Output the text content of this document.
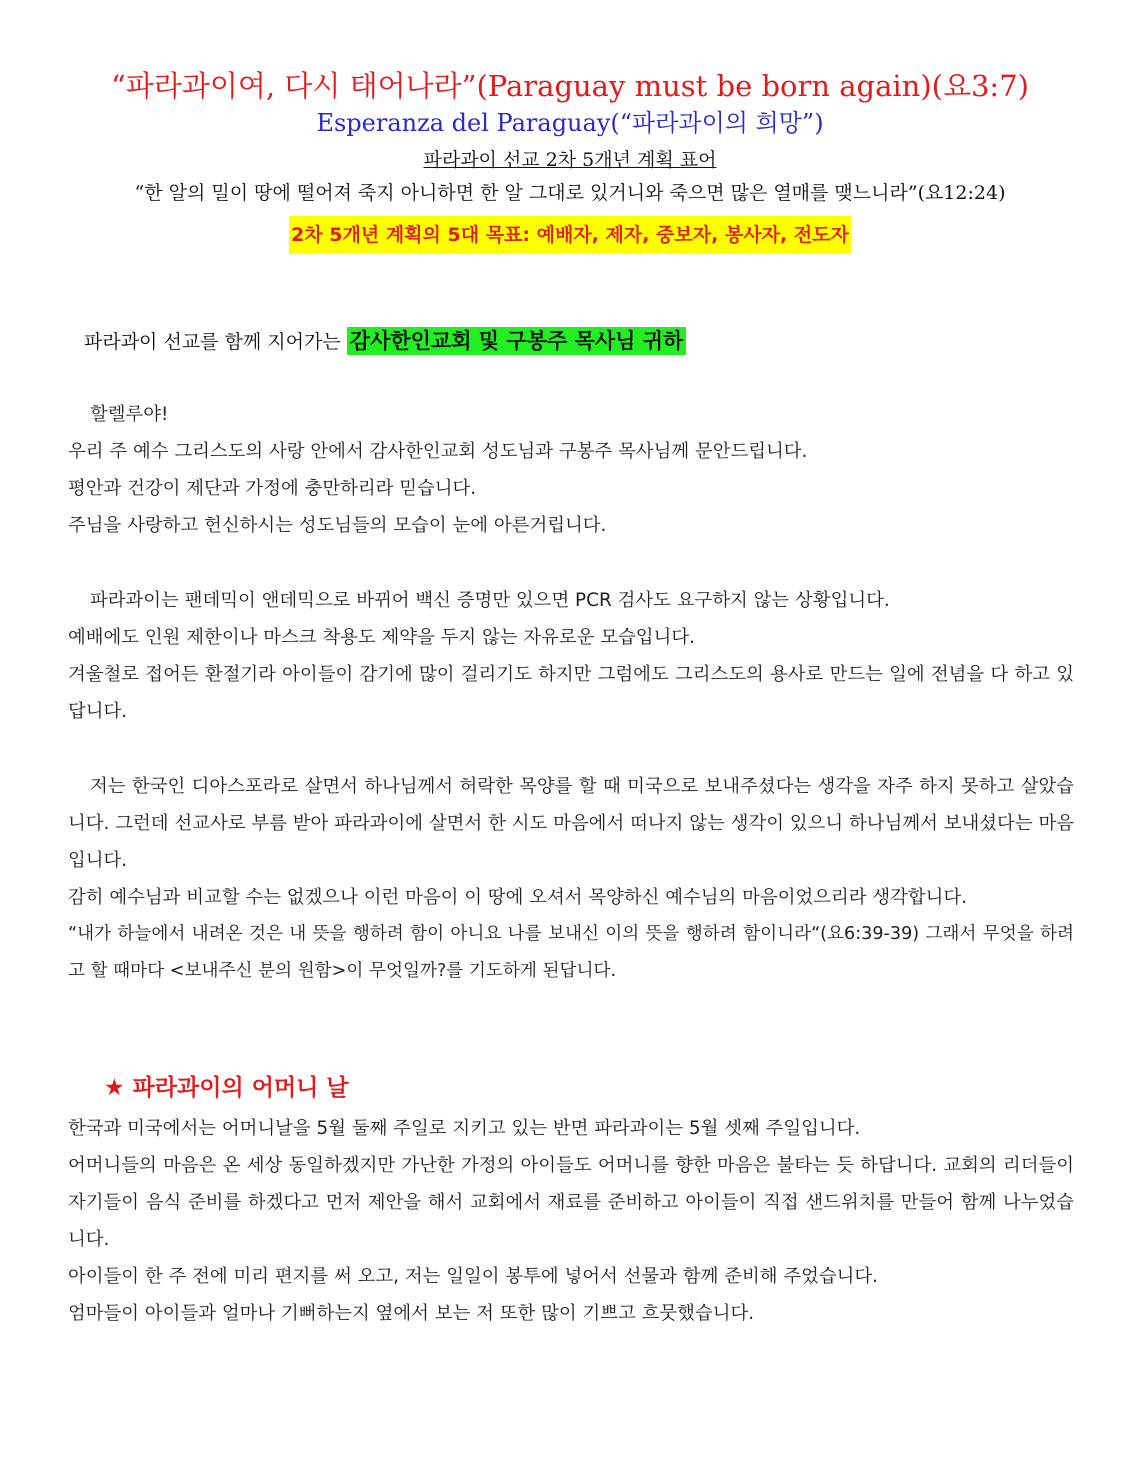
“파라과이여, 다시 태어나라”(Paraguay must be born again)(요3:7)
Esperanza del Paraguay(“파라과이의 희망”)
파라과이 선교 2차 5개년 계획 표어
“한 알의 밀이 땅에 떨어져 죽지 아니하면 한 알 그대로 있거니와 죽으면 많은 열매를 맺느니라”(요12:24)
2차 5개년 계획의 5대 목표: 예배자, 제자, 중보자, 봉사자, 전도자
파라과이 선교를 함께 지어가는 감사한인교회 및 구봉주 목사님 귀하

할렐루야!

우리 주 예수 그리스도의 사랑 안에서 감사한인교회 성도님과 구봉주 목사님께 문안드립니다.

평안과 건강이 제단과 가정에 충만하리라 믿습니다.

주님을 사랑하고 헌신하시는 성도님들의 모습이 눈에 아른거립니다.

파라과이는 팬데믹이 앤데믹으로 바뀌어 백신 증명만 있으면 PCR 검사도 요구하지 않는 상황입니다.

예배에도 인원 제한이나 마스크 착용도 제약을 두지 않는 자유로운 모습입니다.

겨울철로 접어든 환절기라 아이들이 감기에 많이 걸리기도 하지만 그럼에도 그리스도의 용사로 만드는 일에 전념을 다 하고 있답니다.

저는 한국인 디아스포라로 살면서 하나님께서 허락한 목양를 할 때 미국으로 보내주셨다는 생각을 자주 하지 못하고 살았습니다. 그런데 선교사로 부름 받아 파라과이에 살면서 한 시도 마음에서 떠나지 않는 생각이 있으니 하나님께서 보내셨다는 마음입니다.

감히 예수님과 비교할 수는 없겠으나 이런 마음이 이 땅에 오셔서 목양하신 예수님의 마음이었으리라 생각합니다.

“내가 하늘에서 내려온 것은 내 뜻을 행하려 함이 아니요 나를 보내신 이의 뜻을 행하려 함이니라“(요6:39-39) 그래서 무엇을 하려고 할 때마다 <보내주신 분의 원함>이 무엇일까?를 기도하게 된답니다.

★ 파라과이의 어머니 날

한국과 미국에서는 어머니날을 5월 둘째 주일로 지키고 있는 반면 파라과이는 5월 셋째 주일입니다.

어머니들의 마음은 온 세상 동일하겠지만 가난한 가정의 아이들도 어머니를 향한 마음은 불타는 듯 하답니다. 교회의 리더들이 자기들이 음식 준비를 하겠다고 먼저 제안을 해서 교회에서 재료를 준비하고 아이들이 직접 샌드위치를 만들어 함께 나누었습니다.

아이들이 한 주 전에 미리 편지를 써 오고, 저는 일일이 봉투에 넣어서 선물과 함께 준비해 주었습니다.

엄마들이 아이들과 얼마나 기뻐하는지 옆에서 보는 저 또한 많이 기쁘고 흐뭇했습니다.
